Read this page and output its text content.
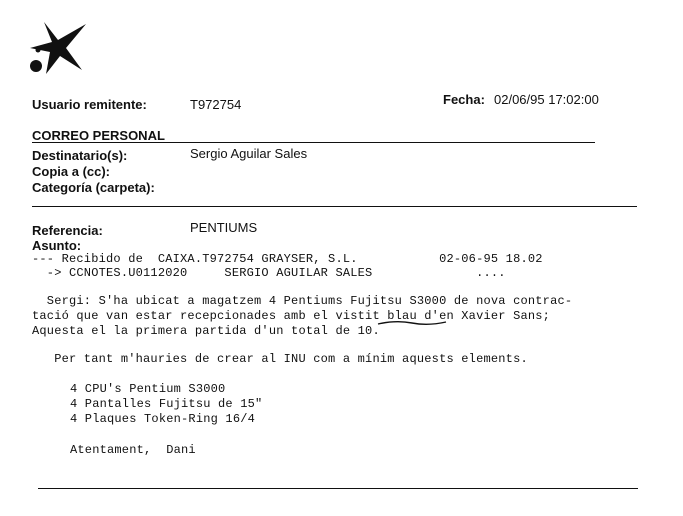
Usuario remitente:	T972754	Fecha: 02/06/95 17:02:00
CORREO PERSONAL
Destinatario(s):	Sergio Aguilar Sales
Copia a (cc):
Categoría (carpeta):
Referencia:	PENTIUMS
Asunto:
--- Recibido de  CAIXA.T972754 GRAYSER, S.L.           02-06-95 18.02
-> CCNOTES.U0112020     SERGIO AGUILAR SALES              ....
Sergi: S'ha ubicat a magatzem 4 Pentiums Fujitsu S3000 de nova contrac-
tació que van estar recepcionades amb el vistit blau d'en Xavier Sans;
Aquesta el la primera partida d'un total de 10.
Per tant m'hauries de crear al INU com a mínim aquests elements.
4 CPU's Pentium S3000
4 Pantalles Fujitsu de 15"
4 Plaques Token-Ring 16/4
Atentament,  Dani
